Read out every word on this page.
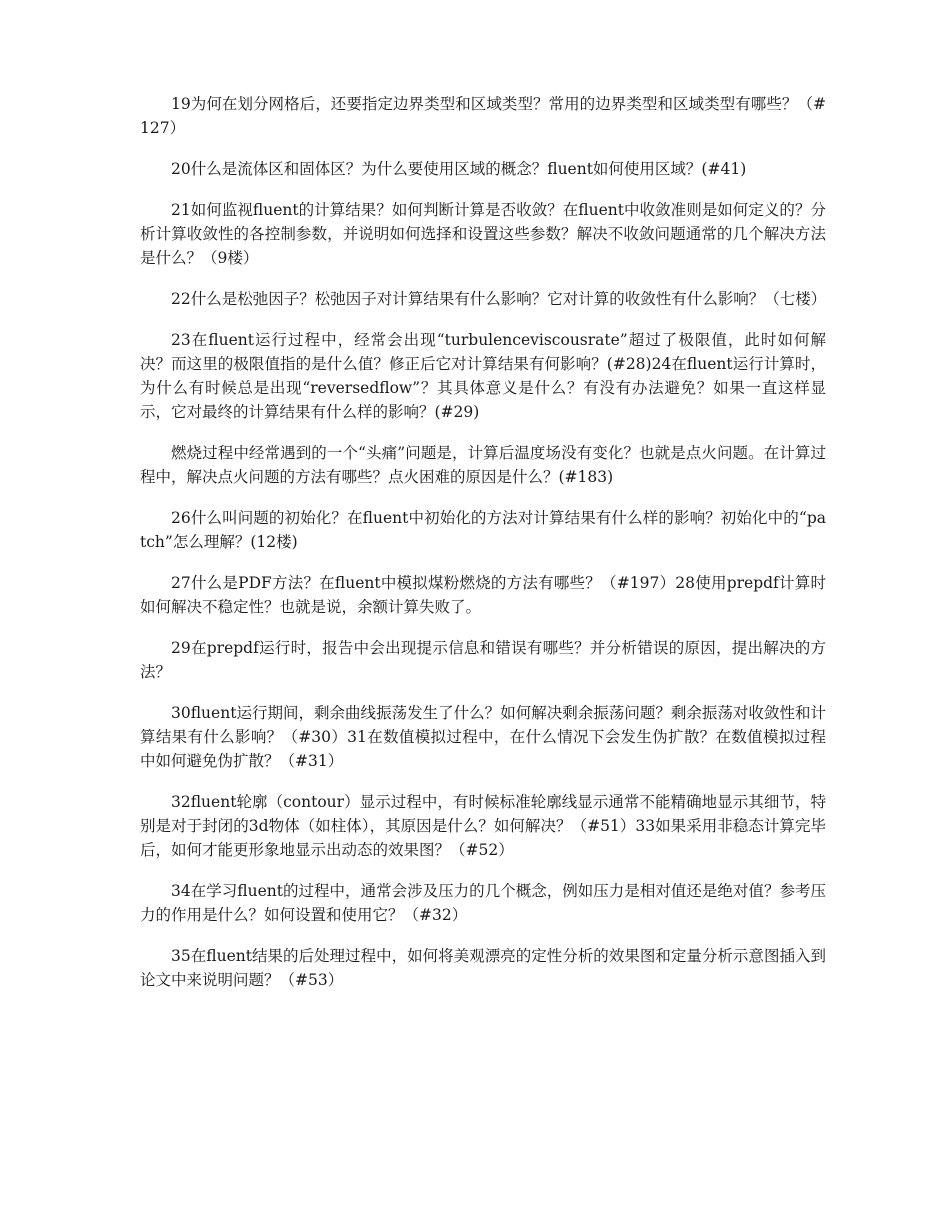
19为何在划分网格后，还要指定边界类型和区域类型？常用的边界类型和区域类型有哪些？（#127）

20什么是流体区和固体区？为什么要使用区域的概念？fluent如何使用区域？(#41)

21如何监视fluent的计算结果？如何判断计算是否收敛？在fluent中收敛准则是如何定义的？分析计算收敛性的各控制参数，并说明如何选择和设置这些参数？解决不收敛问题通常的几个解决方法是什么？（9楼）

22什么是松弛因子？松弛因子对计算结果有什么影响？它对计算的收敛性有什么影响？（七楼）

23在fluent运行过程中，经常会出现“turbulenceviscousrate”超过了极限值，此时如何解决？而这里的极限值指的是什么值？修正后它对计算结果有何影响？(#28)24在fluent运行计算时，为什么有时候总是出现“reversedflow”？其具体意义是什么？有没有办法避免？如果一直这样显示，它对最终的计算结果有什么样的影响？(#29)

燃烧过程中经常遇到的一个“头痛”问题是，计算后温度场没有变化？也就是点火问题。在计算过程中，解决点火问题的方法有哪些？点火困难的原因是什么？(#183)

26什么叫问题的初始化？在fluent中初始化的方法对计算结果有什么样的影响？初始化中的“patch”怎么理解？(12楼)

27什么是PDF方法？在fluent中模拟煤粉燃烧的方法有哪些？（#197）28使用prepdf计算时如何解决不稳定性？也就是说，余额计算失败了。

29在prepdf运行时，报告中会出现提示信息和错误有哪些？并分析错误的原因，提出解决的方法？

30fluent运行期间，剩余曲线振荡发生了什么？如何解决剩余振荡问题？剩余振荡对收敛性和计算结果有什么影响？（#30）31在数值模拟过程中，在什么情况下会发生伪扩散？在数值模拟过程中如何避免伪扩散？（#31）

32fluent轮廓（contour）显示过程中，有时候标准轮廓线显示通常不能精确地显示其细节，特别是对于封闭的3d物体（如柱体），其原因是什么？如何解决？（#51）33如果采用非稳态计算完毕后，如何才能更形象地显示出动态的效果图？（#52）

34在学习fluent的过程中，通常会涉及压力的几个概念，例如压力是相对值还是绝对值？参考压力的作用是什么？如何设置和使用它？（#32）

35在fluent结果的后处理过程中，如何将美观漂亮的定性分析的效果图和定量分析示意图插入到论文中来说明问题？（#53）
